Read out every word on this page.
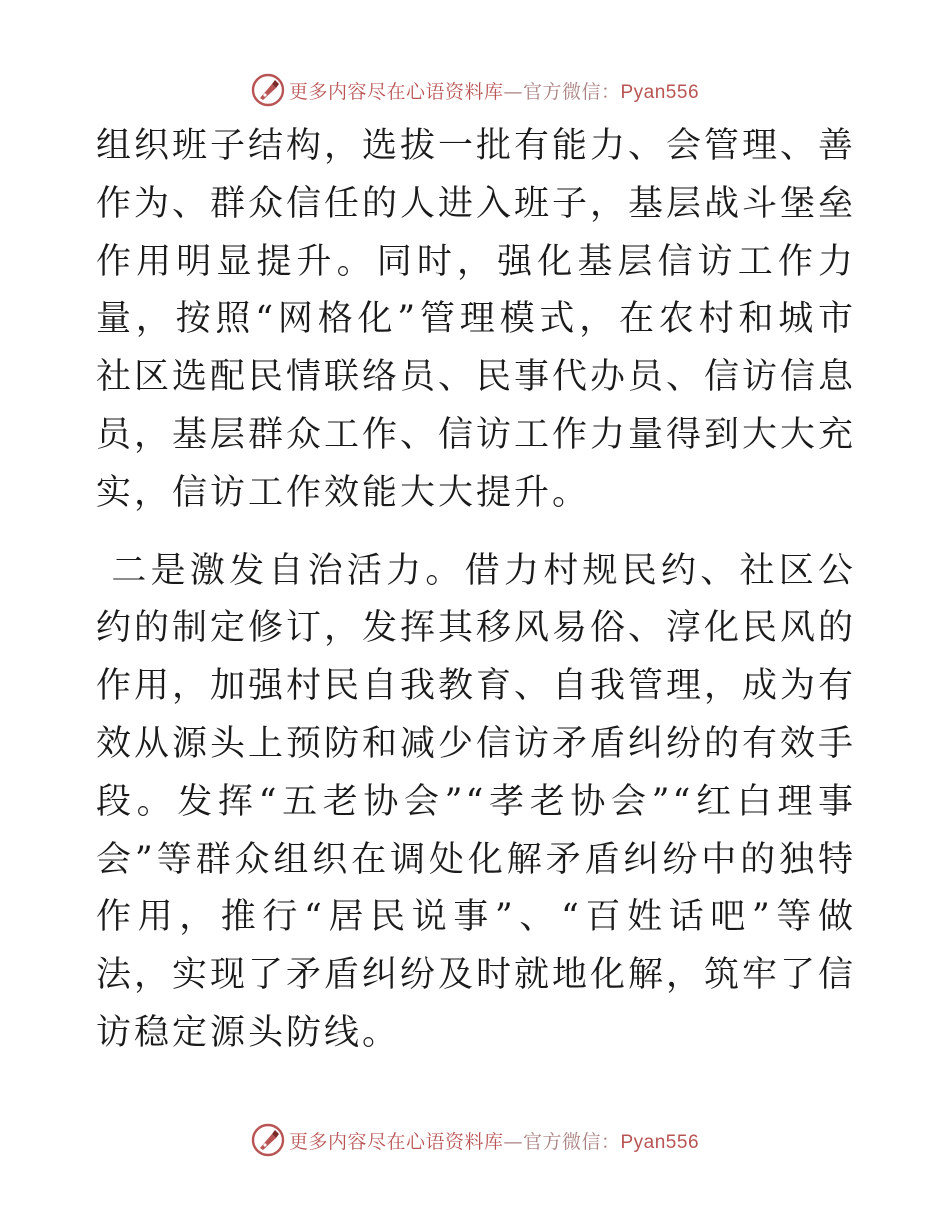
更多内容尽在心语资料库—官方微信：Pyan556

组织班子结构，选拔一批有能力、会管理、善作为、群众信任的人进入班子，基层战斗堡垒作用明显提升。同时，强化基层信访工作力量，按照“网格化”管理模式，在农村和城市社区选配民情联络员、民事代办员、信访信息员，基层群众工作、信访工作力量得到大大充实，信访工作效能大大提升。

二是激发自治活力。借力村规民约、社区公约的制定修订，发挥其移风易俗、淳化民风的作用，加强村民自我教育、自我管理，成为有效从源头上预防和减少信访矛盾纠纷的有效手段。发挥“五老协会”“孝老协会”“红白理事会”等群众组织在调处化解矛盾纠纷中的独特作用，推行“居民说事”、“百姓话吧”等做法，实现了矛盾纠纷及时就地化解，筑牢了信访稳定源头防线。

更多内容尽在心语资料库—官方微信：Pyan556
